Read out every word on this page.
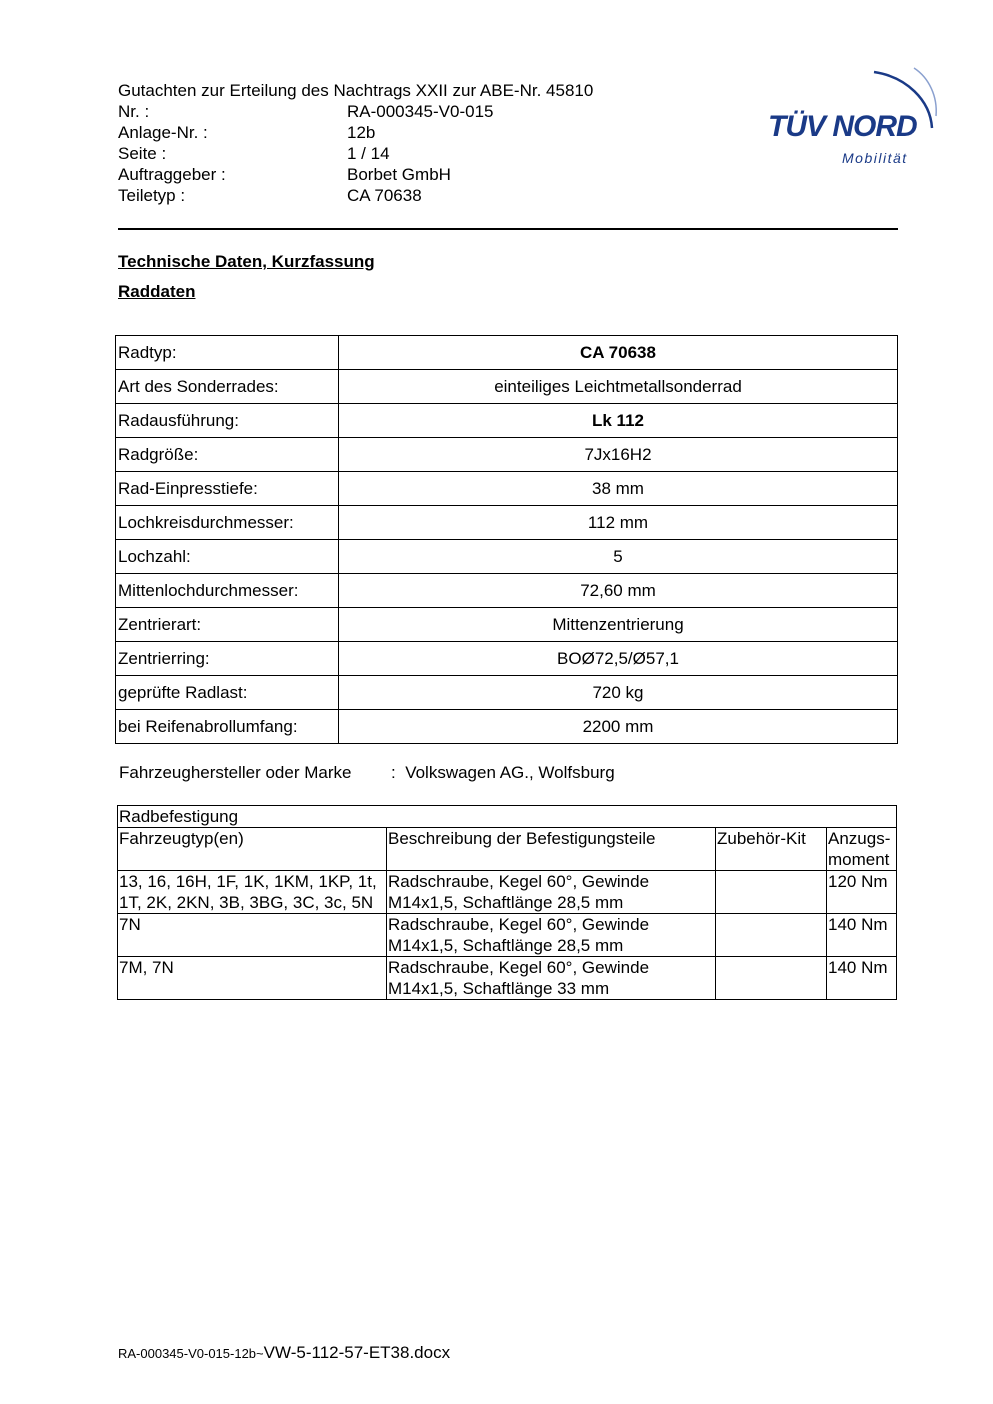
Gutachten zur Erteilung des Nachtrags XXII zur ABE-Nr. 45810
Nr. :	RA-000345-V0-015
Anlage-Nr. :	12b
Seite :	1 / 14
Auftraggeber :	Borbet GmbH
Teiletyp :	CA 70638
TÜV NORD
Mobilität
Technische Daten, Kurzfassung
Raddaten
Radtyp:	CA 70638
Art des Sonderrades:	einteiliges Leichtmetallsonderrad
Radausführung:	Lk 112
Radgröße:	7Jx16H2
Rad-Einpresstiefe:	38 mm
Lochkreisdurchmesser:	112 mm
Lochzahl:	5
Mittenlochdurchmesser:	72,60 mm
Zentrierart:	Mittenzentrierung
Zentrierring:	BOØ72,5/Ø57,1
geprüfte Radlast:	720 kg
bei Reifenabrollumfang:	2200 mm
Fahrzeughersteller oder Marke : Volkswagen AG., Wolfsburg
Radbefestigung			
Fahrzeugtyp(en)	Beschreibung der Befestigungsteile	Zubehör-Kit	Anzugs-
moment
13, 16, 16H, 1F, 1K, 1KM, 1KP, 1t, 1T, 2K, 2KN, 3B, 3BG, 3C, 3c, 5N	Radschraube, Kegel 60°, Gewinde M14x1,5, Schaftlänge 28,5 mm		120 Nm
7N	Radschraube, Kegel 60°, Gewinde M14x1,5, Schaftlänge 28,5 mm		140 Nm
7M, 7N	Radschraube, Kegel 60°, Gewinde M14x1,5, Schaftlänge 33 mm		140 Nm
RA-000345-V0-015-12b~VW-5-112-57-ET38.docx
